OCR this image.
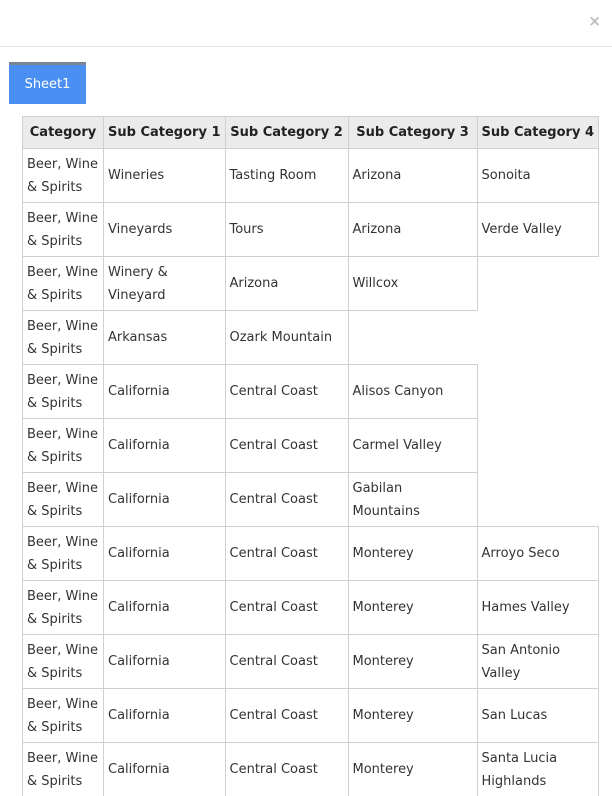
×
Sheet1
Category	Sub Category 1	Sub Category 2	Sub Category 3	Sub Category 4
Beer, Wine & Spirits	Wineries	Tasting Room	Arizona	Sonoita
Beer, Wine & Spirits	Vineyards	Tours	Arizona	Verde Valley
Beer, Wine & Spirits	Winery & Vineyard	Arizona	Willcox	
Beer, Wine & Spirits	Arkansas	Ozark Mountain		
Beer, Wine & Spirits	California	Central Coast	Alisos Canyon	
Beer, Wine & Spirits	California	Central Coast	Carmel Valley	
Beer, Wine & Spirits	California	Central Coast	Gabilan Mountains	
Beer, Wine & Spirits	California	Central Coast	Monterey	Arroyo Seco
Beer, Wine & Spirits	California	Central Coast	Monterey	Hames Valley
Beer, Wine & Spirits	California	Central Coast	Monterey	San Antonio Valley
Beer, Wine & Spirits	California	Central Coast	Monterey	San Lucas
Beer, Wine & Spirits	California	Central Coast	Monterey	Santa Lucia Highlands
